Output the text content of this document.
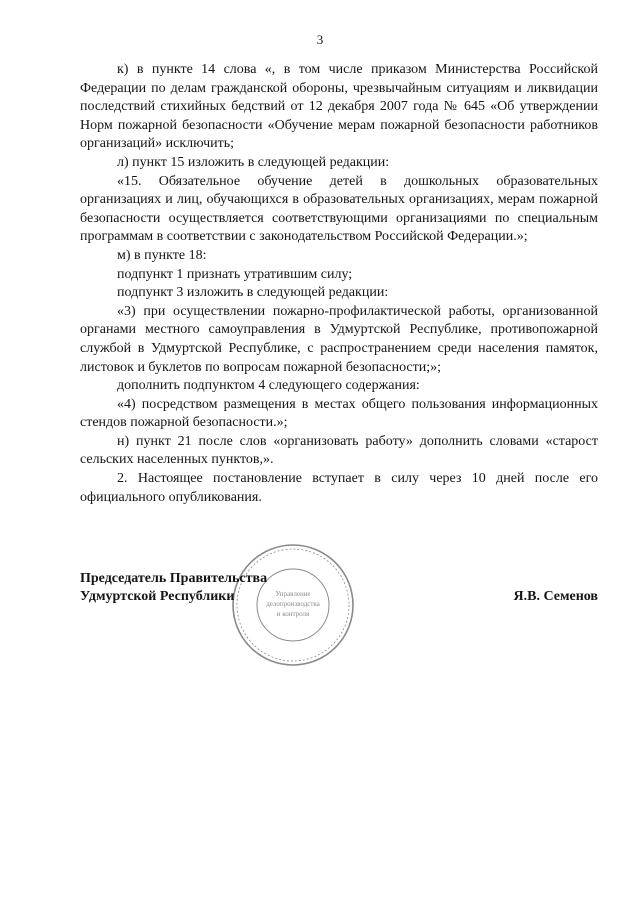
3

к) в пункте 14 слова «, в том числе приказом Министерства Российской Федерации по делам гражданской обороны, чрезвычайным ситуациям и ликвидации последствий стихийных бедствий от 12 декабря 2007 года № 645 «Об утверждении Норм пожарной безопасности «Обучение мерам пожарной безопасности работников организаций» исключить;

л) пункт 15 изложить в следующей редакции:

«15. Обязательное обучение детей в дошкольных образовательных организациях и лиц, обучающихся в образовательных организациях, мерам пожарной безопасности осуществляется соответствующими организациями по специальным программам в соответствии с законодательством Российской Федерации.»;

м) в пункте 18:

подпункт 1 признать утратившим силу;

подпункт 3 изложить в следующей редакции:

«3) при осуществлении пожарно-профилактической работы, организованной органами местного самоуправления в Удмуртской Республике, противопожарной службой в Удмуртской Республике, с распространением среди населения памяток, листовок и буклетов по вопросам пожарной безопасности;»;

дополнить подпунктом 4 следующего содержания:

«4) посредством размещения в местах общего пользования информационных стендов пожарной безопасности.»;

н) пункт 21 после слов «организовать работу» дополнить словами «старост сельских населенных пунктов,».

2. Настоящее постановление вступает в силу через 10 дней после его официального опубликования.

Управление
делопроизводства
и контроля
Председатель Правительства
Удмуртской Республики	Я.В. Семенов
